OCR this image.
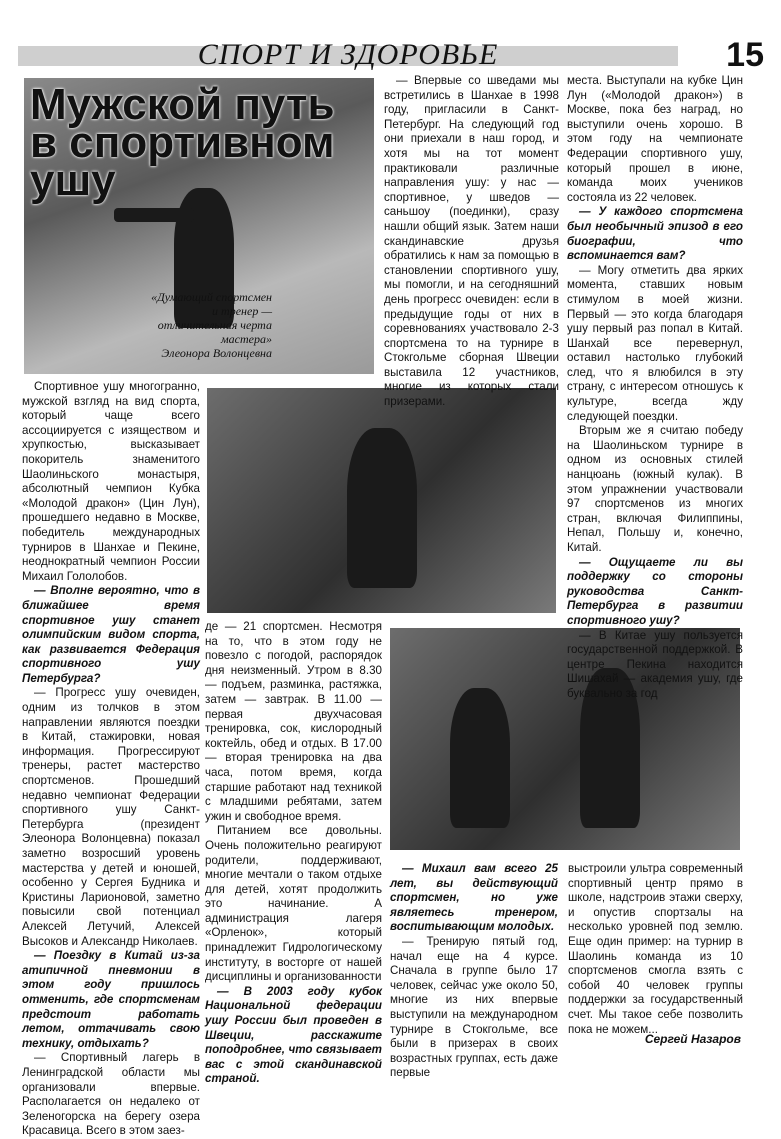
СПОРТ И ЗДОРОВЬЕ	15
Мужской путь в спортивном ушу
«Думающий спортсмен
и тренер —
отличительная черта
мастера»
Элеонора Волонцевна

Спортивное ушу многогранно, мужской взгляд на вид спорта, который чаще всего ассоциируется с изяществом и хрупкостью, высказывает покоритель знаменитого Шаолиньского монастыря, абсолютный чемпион Кубка «Молодой дракон» (Цин Лун), прошедшего недавно в Москве, победитель международных турниров в Шанхае и Пекине, неоднократный чемпион России Михаил Гололобов.

— Вполне вероятно, что в ближайшее время спортивное ушу станет олимпийским видом спорта, как развивается Федерация спортивного ушу Петербурга?

— Прогресс ушу очевиден, одним из толчков в этом направлении являются поездки в Китай, стажировки, новая информация. Прогрессируют тренеры, растет мастерство спортсменов. Прошедший недавно чемпионат Федерации спортивного ушу Санкт-Петербурга (президент Элеонора Волонцевна) показал заметно возросший уровень мастерства у детей и юношей, особенно у Сергея Будника и Кристины Ларионовой, заметно повысили свой потенциал Алексей Летучий, Алексей Высоков и Александр Николаев.

— Поездку в Китай из-за атипичной пневмонии в этом году пришлось отменить, где спортсменам предстоит работать летом, оттачивать свою технику, отдыхать?

— Спортивный лагерь в Ленинградской области мы организовали впервые. Располагается он недалеко от Зеленогорска на берегу озера Красавица. Всего в этом заез-

— Впервые со шведами мы встретились в Шанхае в 1998 году, пригласили в Санкт-Петербург. На следующий год они приехали в наш город, и хотя мы на тот момент практиковали различные направления ушу: у нас — спортивное, у шведов — саньшоу (поединки), сразу нашли общий язык. Затем наши скандинавские друзья обратились к нам за помощью в становлении спортивного ушу, мы помогли, и на сегодняшний день прогресс очевиден: если в предыдущие годы от них в соревнованиях участвовало 2-3 спортсмена то на турнире в Стокгольме сборная Швеции выставила 12 участников, многие из которых стали призерами.

места. Выступали на кубке Цин Лун («Молодой дракон») в Москве, пока без наград, но выступили очень хорошо. В этом году на чемпионате Федерации спортивного ушу, который прошел в июне, команда моих учеников состояла из 22 человек.

— У каждого спортсмена был необычный эпизод в его биографии, что вспоминается вам?

— Могу отметить два ярких момента, ставших новым стимулом в моей жизни. Первый — это когда благодаря ушу первый раз попал в Китай. Шанхай все перевернул, оставил настолько глубокий след, что я влюбился в эту страну, с интересом отношусь к культуре, всегда жду следующей поездки.

Вторым же я считаю победу на Шаолиньском турнире в одном из основных стилей нанцюань (южный кулак). В этом упражнении участвовали 97 спортсменов из многих стран, включая Филиппины, Непал, Польшу и, конечно, Китай.

— Ощущаете ли вы поддержку со стороны руководства Санкт-Петербурга в развитии спортивного ушу?

— В Китае ушу пользуется государственной поддержкой. В центре Пекина находится Шишахай — академия ушу, где буквально за год

де — 21 спортсмен. Несмотря на то, что в этом году не повезло с погодой, распорядок дня неизменный. Утром в 8.30 — подъем, разминка, растяжка, затем — завтрак. В 11.00 — первая двухчасовая тренировка, сок, кислородный коктейль, обед и отдых. В 17.00 — вторая тренировка на два часа, потом время, когда старшие работают над техникой с младшими ребятами, затем ужин и свободное время.

Питанием все довольны. Очень положительно реагируют родители, поддерживают, многие мечтали о таком отдыхе для детей, хотят продолжить это начинание. А администрация лагеря «Орленок», который принадлежит Гидрологическому институту, в восторге от нашей дисциплины и организованности

— В 2003 году кубок Национальной федерации ушу России был проведен в Швеции, расскажите поподробнее, что связывает вас с этой скандинавской страной.

— Михаил вам всего 25 лет, вы действующий спортсмен, но уже являетесь тренером, воспитывающим молодых.

— Тренирую пятый год, начал еще на 4 курсе. Сначала в группе было 17 человек, сейчас уже около 50, многие из них впервые выступили на международном турнире в Стокгольме, все были в призерах в своих возрастных группах, есть даже первые

выстроили ультра современный спортивный центр прямо в школе, надстроив этажи сверху, и опустив спортзалы на несколько уровней под землю. Еще один пример: на турнир в Шаолинь команда из 10 спортсменов смогла взять с собой 40 человек группы поддержки за государственный счет. Мы такое себе позволить пока не можем...

Сергей Назаров
